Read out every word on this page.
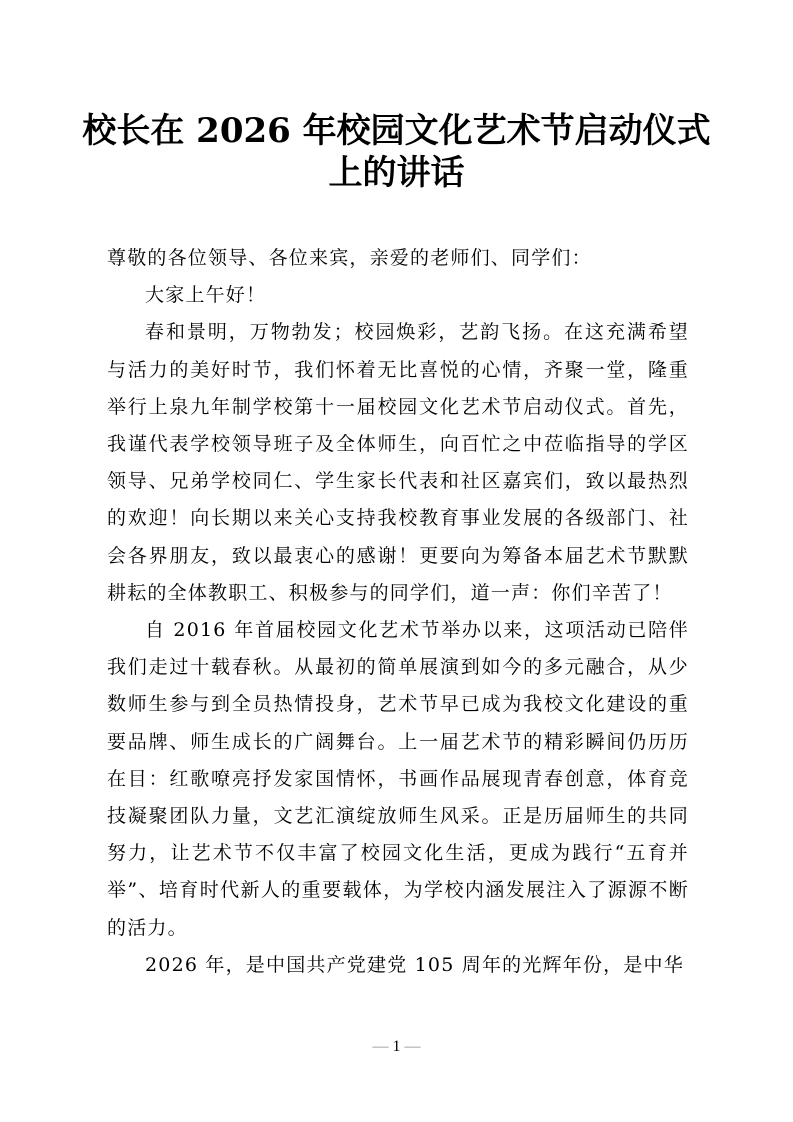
校长在 2026 年校园文化艺术节启动仪式
上的讲话

尊敬的各位领导、各位来宾，亲爱的老师们、同学们：

大家上午好！

春和景明，万物勃发；校园焕彩，艺韵飞扬。在这充满希望与活力的美好时节，我们怀着无比喜悦的心情，齐聚一堂，隆重举行上泉九年制学校第十一届校园文化艺术节启动仪式。首先，我谨代表学校领导班子及全体师生，向百忙之中莅临指导的学区领导、兄弟学校同仁、学生家长代表和社区嘉宾们，致以最热烈的欢迎！向长期以来关心支持我校教育事业发展的各级部门、社会各界朋友，致以最衷心的感谢！更要向为筹备本届艺术节默默耕耘的全体教职工、积极参与的同学们，道一声：你们辛苦了！

自 2016 年首届校园文化艺术节举办以来，这项活动已陪伴我们走过十载春秋。从最初的简单展演到如今的多元融合，从少数师生参与到全员热情投身，艺术节早已成为我校文化建设的重要品牌、师生成长的广阔舞台。上一届艺术节的精彩瞬间仍历历在目：红歌嘹亮抒发家国情怀，书画作品展现青春创意，体育竞技凝聚团队力量，文艺汇演绽放师生风采。正是历届师生的共同努力，让艺术节不仅丰富了校园文化生活，更成为践行“五育并举”、培育时代新人的重要载体，为学校内涵发展注入了源源不断的活力。

2026 年，是中国共产党建党 105 周年的光辉年份，是中华

— 1 —
